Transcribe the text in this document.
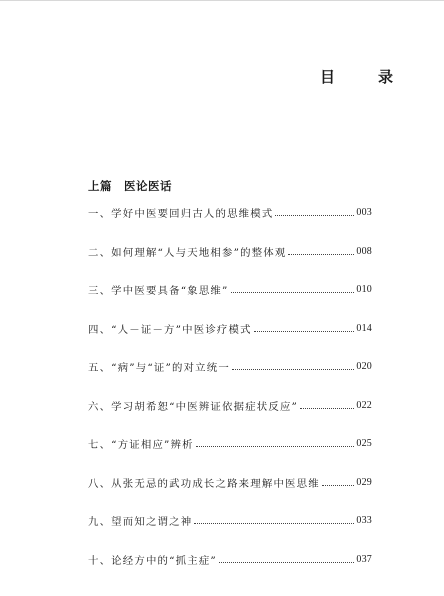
目　录
上篇 医论医话
一、学好中医要回归古人的思维模式	003
二、如何理解“人与天地相参”的整体观	008
三、学中医要具备“象思维”	010
四、“人－证－方”中医诊疗模式	014
五、“病”与“证”的对立统一	020
六、学习胡希恕“中医辨证依据症状反应”	022
七、“方证相应”辨析	025
八、从张无忌的武功成长之路来理解中医思维	029
九、望而知之谓之神	033
十、论经方中的“抓主症”	037
